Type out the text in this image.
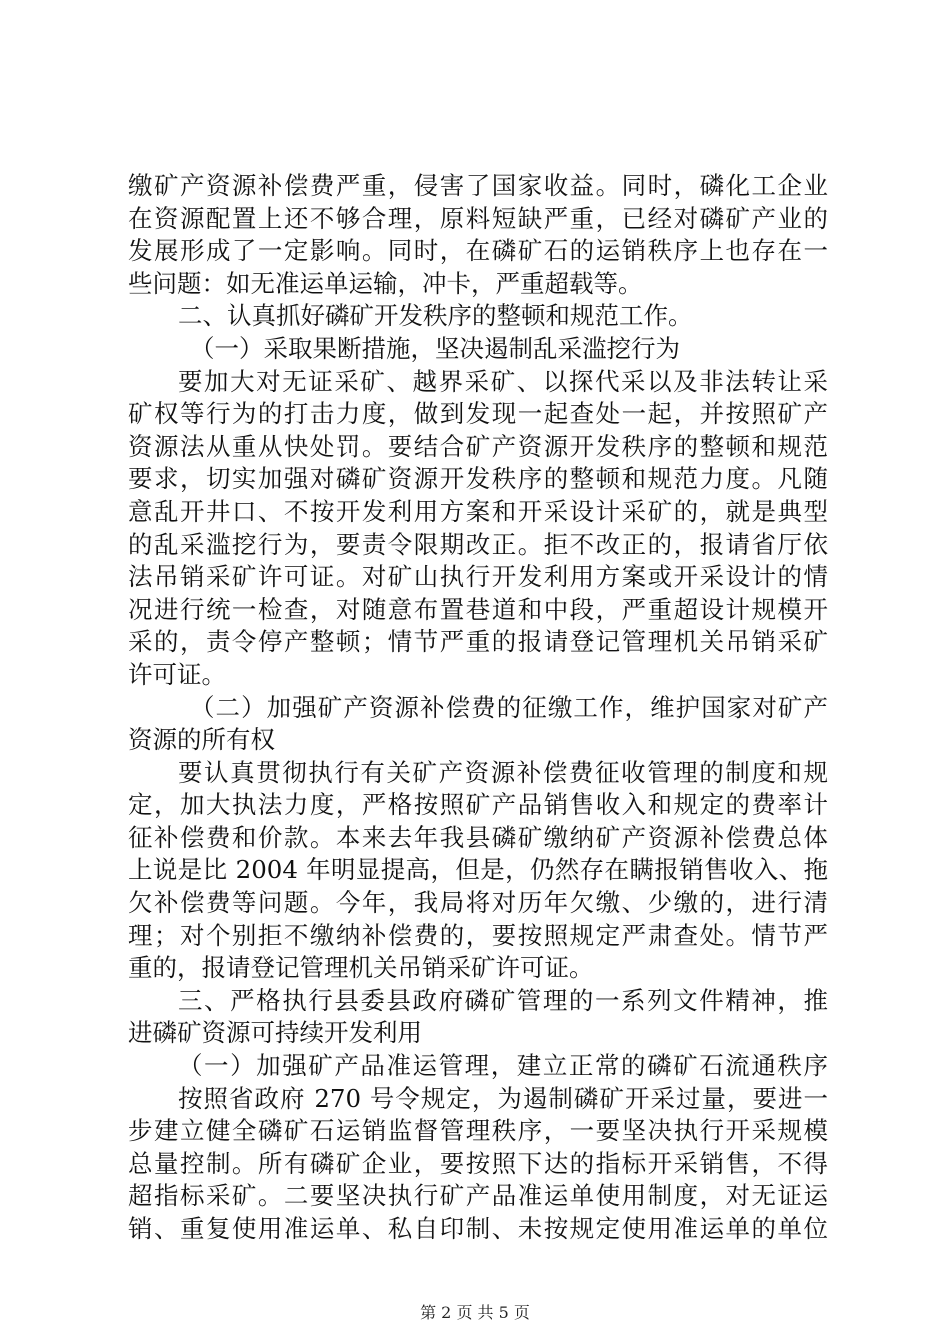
缴矿产资源补偿费严重，侵害了国家收益。同时，磷化工企业
在资源配置上还不够合理，原料短缺严重，已经对磷矿产业的
发展形成了一定影响。同时，在磷矿石的运销秩序上也存在一
些问题：如无准运单运输，冲卡，严重超载等。
二、认真抓好磷矿开发秩序的整顿和规范工作。
（一）采取果断措施，坚决遏制乱采滥挖行为
要加大对无证采矿、越界采矿、以探代采以及非法转让采
矿权等行为的打击力度，做到发现一起查处一起，并按照矿产
资源法从重从快处罚。要结合矿产资源开发秩序的整顿和规范
要求，切实加强对磷矿资源开发秩序的整顿和规范力度。凡随
意乱开井口、不按开发利用方案和开采设计采矿的，就是典型
的乱采滥挖行为，要责令限期改正。拒不改正的，报请省厅依
法吊销采矿许可证。对矿山执行开发利用方案或开采设计的情
况进行统一检查，对随意布置巷道和中段，严重超设计规模开
采的，责令停产整顿；情节严重的报请登记管理机关吊销采矿
许可证。
（二）加强矿产资源补偿费的征缴工作，维护国家对矿产
资源的所有权
要认真贯彻执行有关矿产资源补偿费征收管理的制度和规
定，加大执法力度，严格按照矿产品销售收入和规定的费率计
征补偿费和价款。本来去年我县磷矿缴纳矿产资源补偿费总体
上说是比 2004 年明显提高，但是，仍然存在瞒报销售收入、拖
欠补偿费等问题。今年，我局将对历年欠缴、少缴的，进行清
理；对个别拒不缴纳补偿费的，要按照规定严肃查处。情节严
重的，报请登记管理机关吊销采矿许可证。
三、严格执行县委县政府磷矿管理的一系列文件精神，推
进磷矿资源可持续开发利用
（一）加强矿产品准运管理，建立正常的磷矿石流通秩序
按照省政府 270 号令规定，为遏制磷矿开采过量，要进一
步建立健全磷矿石运销监督管理秩序，一要坚决执行开采规模
总量控制。所有磷矿企业，要按照下达的指标开采销售，不得
超指标采矿。二要坚决执行矿产品准运单使用制度，对无证运
销、重复使用准运单、私自印制、未按规定使用准运单的单位
第 2 页 共 5 页
